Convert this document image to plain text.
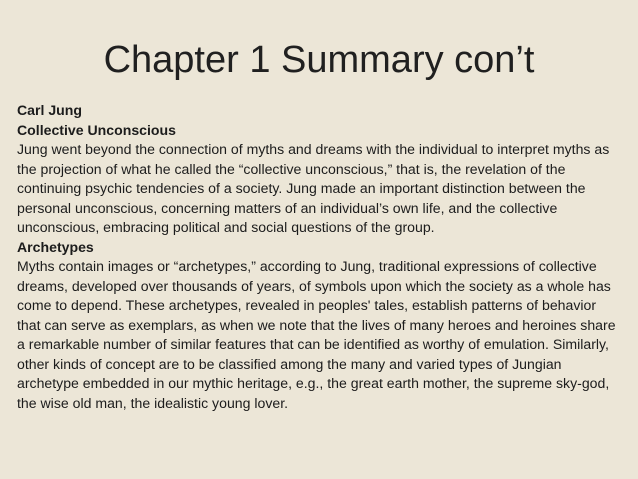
Chapter 1 Summary con’t

Carl Jung

Collective Unconscious

Jung went beyond the connection of myths and dreams with the individual to interpret myths as the projection of what he called the “collective unconscious,” that is, the revelation of the continuing psychic tendencies of a society. Jung made an important distinction between the personal unconscious, concerning matters of an individual’s own life, and the collective unconscious, embracing political and social questions of the group.

Archetypes

Myths contain images or “archetypes,” according to Jung, traditional expressions of collective dreams, developed over thousands of years, of symbols upon which the society as a whole has come to depend. These archetypes, revealed in peoples' tales, establish patterns of behavior that can serve as exemplars, as when we note that the lives of many heroes and heroines share a remarkable number of similar features that can be identified as worthy of emulation. Similarly, other kinds of concept are to be classified among the many and varied types of Jungian archetype embedded in our mythic heritage, e.g., the great earth mother, the supreme sky-god, the wise old man, the idealistic young lover.
